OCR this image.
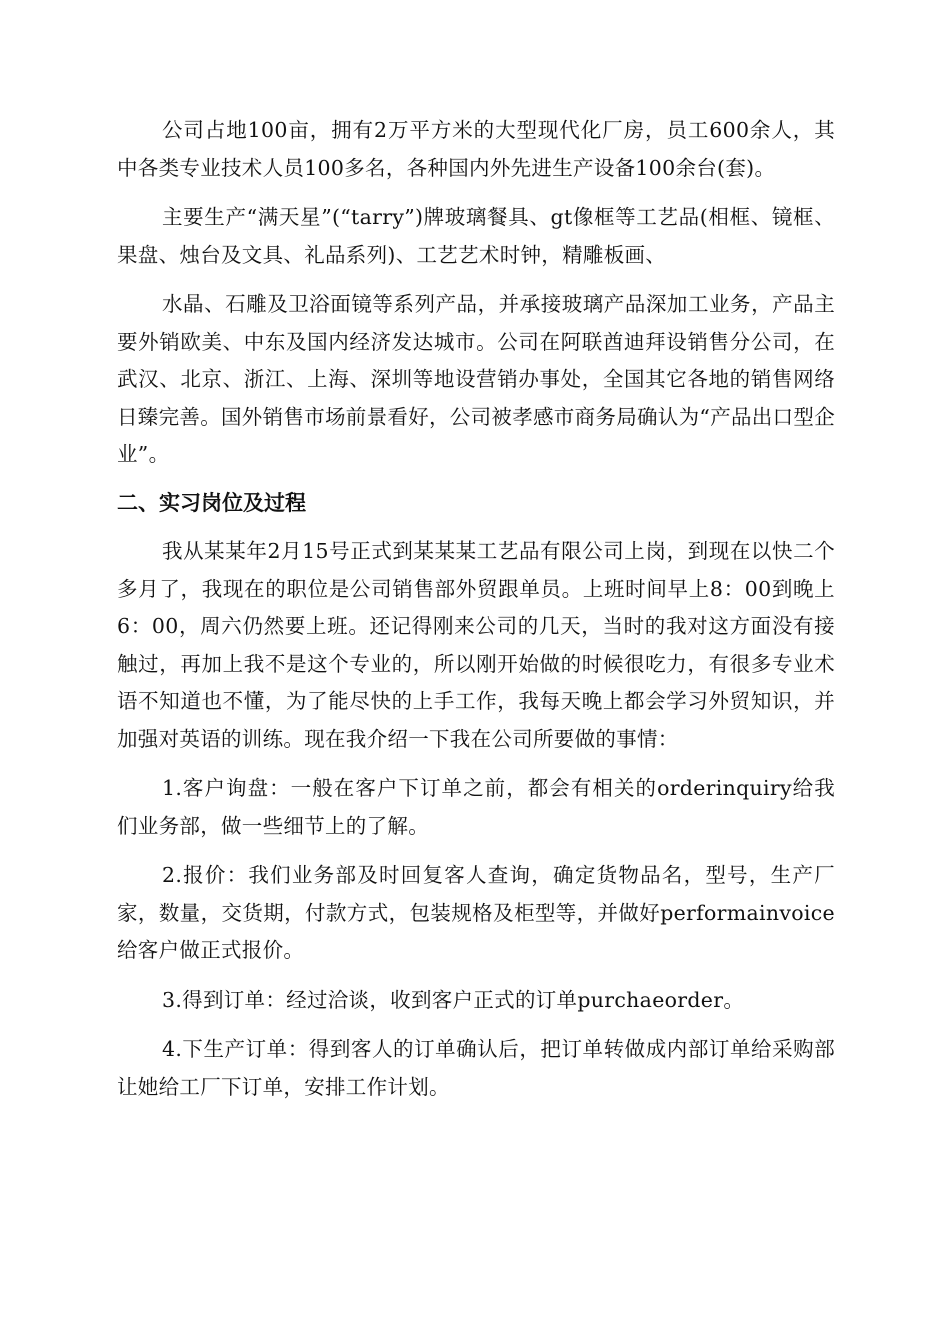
公司占地100亩，拥有2万平方米的大型现代化厂房，员工600余人，其中各类专业技术人员100多名，各种国内外先进生产设备100余台(套)。

主要生产“满天星”(“tarry”)牌玻璃餐具、gt像框等工艺品(相框、镜框、果盘、烛台及文具、礼品系列)、工艺艺术时钟，精雕板画、

水晶、石雕及卫浴面镜等系列产品，并承接玻璃产品深加工业务，产品主要外销欧美、中东及国内经济发达城市。公司在阿联酋迪拜设销售分公司，在武汉、北京、浙江、上海、深圳等地设营销办事处，全国其它各地的销售网络日臻完善。国外销售市场前景看好，公司被孝感市商务局确认为“产品出口型企业”。

二、实习岗位及过程

我从某某年2月15号正式到某某某工艺品有限公司上岗，到现在以快二个多月了，我现在的职位是公司销售部外贸跟单员。上班时间早上8：00到晚上6：00，周六仍然要上班。还记得刚来公司的几天，当时的我对这方面没有接触过，再加上我不是这个专业的，所以刚开始做的时候很吃力，有很多专业术语不知道也不懂，为了能尽快的上手工作，我每天晚上都会学习外贸知识，并加强对英语的训练。现在我介绍一下我在公司所要做的事情：

1.客户询盘：一般在客户下订单之前，都会有相关的orderinquiry给我们业务部，做一些细节上的了解。

2.报价：我们业务部及时回复客人查询，确定货物品名，型号，生产厂家，数量，交货期，付款方式，包装规格及柜型等，并做好performainvoice给客户做正式报价。

3.得到订单：经过洽谈，收到客户正式的订单purchaeorder。

4.下生产订单：得到客人的订单确认后，把订单转做成内部订单给采购部让她给工厂下订单，安排工作计划。
